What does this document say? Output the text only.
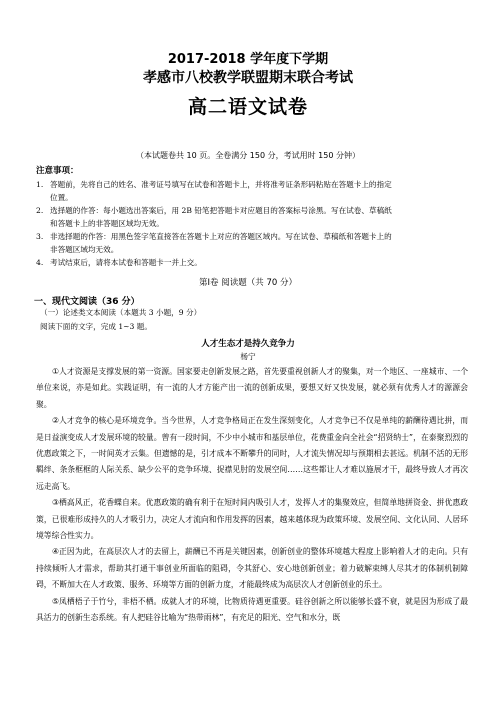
2017-2018 学年度下学期
孝感市八校教学联盟期末联合考试
高二语文试卷
（本试题卷共 10 页。全卷满分 150 分，考试用时 150 分钟）
注意事项：
1. 答题前，先将自己的姓名、准考证号填写在试卷和答题卡上，并将准考证条形码粘贴在答题卡上的指定
位置。
2. 选择题的作答：每小题选出答案后，用 2B 铅笔把答题卡对应题目的答案标号涂黑。写在试卷、草稿纸
和答题卡上的非答题区域均无效。
3. 非选择题的作答：用黑色签字笔直接答在答题卡上对应的答题区域内。写在试卷、草稿纸和答题卡上的
非答题区域均无效。
4. 考试结束后，请将本试卷和答题卡一并上交。
第Ⅰ卷 阅读题（共 70 分）
一、现代文阅读（36 分）
（一）论述类文本阅读（本题共 3 小题，9 分）
阅读下面的文字，完成 1~3 题。
人才生态才是持久竞争力
杨宁

①人才资源是支撑发展的第一资源。国家要走创新发展之路，首先要重视创新人才的聚集，对一个地区、一座城市、一个单位来说，亦是如此。实践证明，有一流的人才方能产出一流的创新成果，要想又好又快发展，就必须有优秀人才的源源会聚。

②人才竞争的核心是环境竞争。当今世界，人才竞争格局正在发生深刻变化，人才竞争已不仅是单纯的薪酬待遇比拼，而是日益演变成人才发展环境的较量。曾有一段时间，不少中小城市和基层单位，花费重金向全社会“招贤纳士”，在泰聚烈烈的优惠政策之下，一时间英才云集。但遗憾的是，引才成本不断攀升的同时，人才流失情况却与预期相去甚远。机制不活的无形羁绊、条条框框的人际关系、缺少公平的竞争环境、捉襟见肘的发展空间……这些都让人才难以施展才干，最终导致人才再次远走高飞。

③栖高风正，花香蝶自来。优惠政策的确有利于在短时间内吸引人才，发挥人才的集聚效应，但简单地拼资金、拼优惠政策，已很难形成持久的人才吸引力，决定人才流向和作用发挥的因素，越来越体现为政策环境、发展空间、文化认同、人居环境等综合性实力。

④正因为此，在高层次人才的去留上，薪酬已不再是关键因素，创新创业的整体环境越大程度上影响着人才的走向。只有持续倾听人才需求，帮助其打通干事创业所面临的阻碍，令其舒心、安心地创新创业；着力破解束缚人尽其才的体制机制障碍，不断加大在人才政策、服务、环境等方面的创新力度，才能最终成为高层次人才创新创业的乐土。

⑤凤栖梧子于竹兮，非梧不栖。成就人才的环境，比物质待遇更重要。硅谷创新之所以能够长盛不衰，就是因为形成了最具活力的创新生态系统。有人把硅谷比喻为“热带雨林”，有充足的阳光、空气和水分，既
